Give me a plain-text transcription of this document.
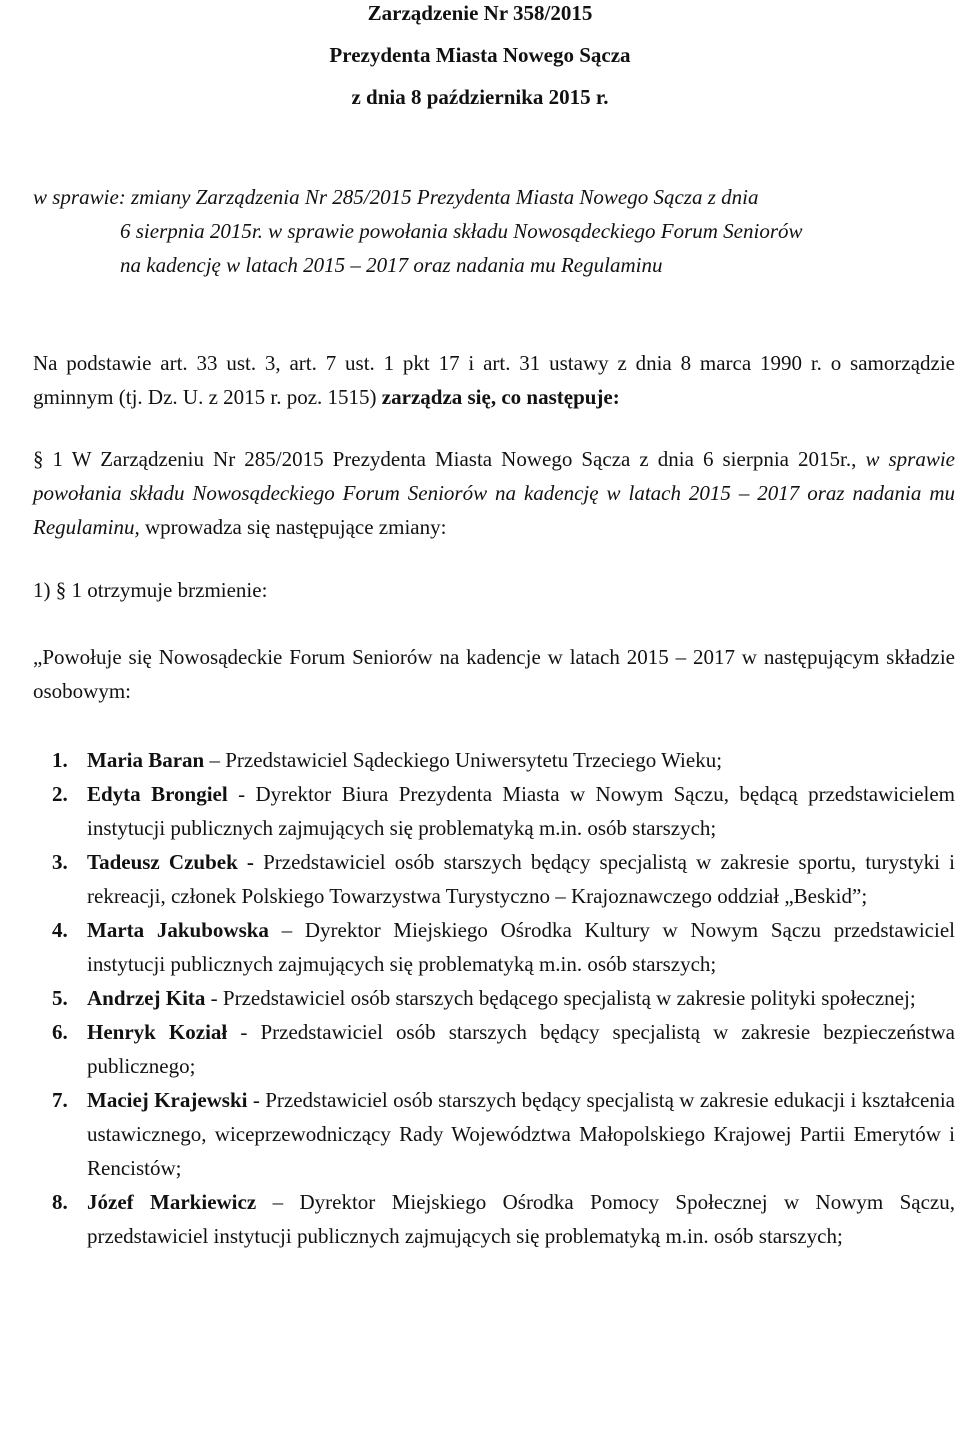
Zarządzenie Nr 358/2015
Prezydenta Miasta Nowego Sącza
z dnia 8 października 2015 r.
w sprawie: zmiany Zarządzenia Nr 285/2015 Prezydenta Miasta Nowego Sącza z dnia
6 sierpnia 2015r. w sprawie powołania składu Nowosądeckiego Forum Seniorów
na kadencję w latach 2015 – 2017 oraz nadania mu Regulaminu
Na podstawie art. 33 ust. 3, art. 7 ust. 1 pkt 17 i art. 31 ustawy z dnia 8 marca 1990 r. o samorządzie gminnym (tj. Dz. U. z 2015 r. poz. 1515) zarządza się, co następuje:
§ 1 W Zarządzeniu Nr 285/2015 Prezydenta Miasta Nowego Sącza z dnia 6 sierpnia 2015r., w sprawie powołania składu Nowosądeckiego Forum Seniorów na kadencję w latach 2015 – 2017 oraz nadania mu Regulaminu, wprowadza się następujące zmiany:
1) § 1 otrzymuje brzmienie:
„Powołuje się Nowosądeckie Forum Seniorów na kadencje w latach 2015 – 2017 w następującym składzie osobowym:
1. Maria Baran – Przedstawiciel Sądeckiego Uniwersytetu Trzeciego Wieku;
2. Edyta Brongiel - Dyrektor Biura Prezydenta Miasta w Nowym Sączu, będącą przedstawicielem instytucji publicznych zajmujących się problematyką m.in. osób starszych;
3. Tadeusz Czubek - Przedstawiciel osób starszych będący specjalistą w zakresie sportu, turystyki i rekreacji, członek Polskiego Towarzystwa Turystyczno – Krajoznawczego oddział „Beskid”;
4. Marta Jakubowska – Dyrektor Miejskiego Ośrodka Kultury w Nowym Sączu przedstawiciel instytucji publicznych zajmujących się problematyką m.in. osób starszych;
5. Andrzej Kita - Przedstawiciel osób starszych będącego specjalistą w zakresie polityki społecznej;
6. Henryk Koział - Przedstawiciel osób starszych będący specjalistą w zakresie bezpieczeństwa publicznego;
7. Maciej Krajewski - Przedstawiciel osób starszych będący specjalistą w zakresie edukacji i kształcenia ustawicznego, wiceprzewodniczący Rady Województwa Małopolskiego Krajowej Partii Emerytów i Rencistów;
8. Józef Markiewicz – Dyrektor Miejskiego Ośrodka Pomocy Społecznej w Nowym Sączu, przedstawiciel instytucji publicznych zajmujących się problematyką m.in. osób starszych;
